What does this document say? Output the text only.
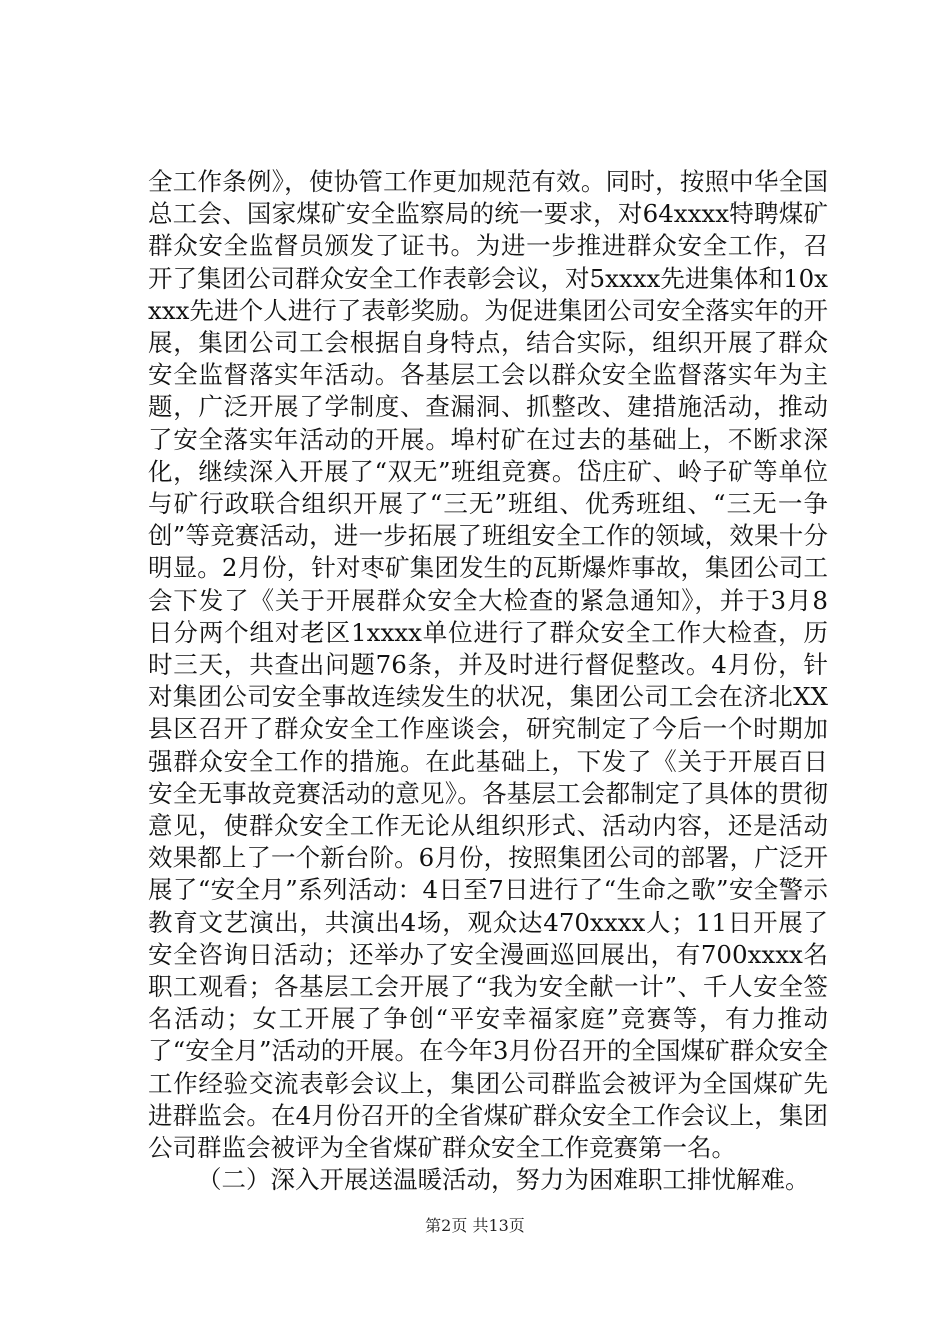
全工作条例》，使协管工作更加规范有效。同时，按照中华全国总工会、国家煤矿安全监察局的统一要求，对64xxxx特聘煤矿群众安全监督员颁发了证书。为进一步推进群众安全工作，召开了集团公司群众安全工作表彰会议，对5xxxx先进集体和10xxxx先进个人进行了表彰奖励。为促进集团公司安全落实年的开展，集团公司工会根据自身特点，结合实际，组织开展了群众安全监督落实年活动。各基层工会以群众安全监督落实年为主题，广泛开展了学制度、查漏洞、抓整改、建措施活动，推动了安全落实年活动的开展。埠村矿在过去的基础上，不断求深化，继续深入开展了“双无”班组竞赛。岱庄矿、岭子矿等单位与矿行政联合组织开展了“三无”班组、优秀班组、“三无一争创”等竞赛活动，进一步拓展了班组安全工作的领域，效果十分明显。2月份，针对枣矿集团发生的瓦斯爆炸事故，集团公司工会下发了《关于开展群众安全大检查的紧急通知》，并于3月8日分两个组对老区1xxxx单位进行了群众安全工作大检查，历时三天，共查出问题76条，并及时进行督促整改。4月份，针对集团公司安全事故连续发生的状况，集团公司工会在济北XX县区召开了群众安全工作座谈会，研究制定了今后一个时期加强群众安全工作的措施。在此基础上，下发了《关于开展百日安全无事故竞赛活动的意见》。各基层工会都制定了具体的贯彻意见，使群众安全工作无论从组织形式、活动内容，还是活动效果都上了一个新台阶。6月份，按照集团公司的部署，广泛开展了“安全月”系列活动：4日至7日进行了“生命之歌”安全警示教育文艺演出，共演出4场，观众达470xxxx人；11日开展了安全咨询日活动；还举办了安全漫画巡回展出，有700xxxx名职工观看；各基层工会开展了“我为安全献一计”、千人安全签名活动；女工开展了争创“平安幸福家庭”竞赛等，有力推动了“安全月”活动的开展。在今年3月份召开的全国煤矿群众安全工作经验交流表彰会议上，集团公司群监会被评为全国煤矿先进群监会。在4月份召开的全省煤矿群众安全工作会议上，集团公司群监会被评为全省煤矿群众安全工作竞赛第一名。

（二）深入开展送温暖活动，努力为困难职工排忧解难。

第2页 共13页
